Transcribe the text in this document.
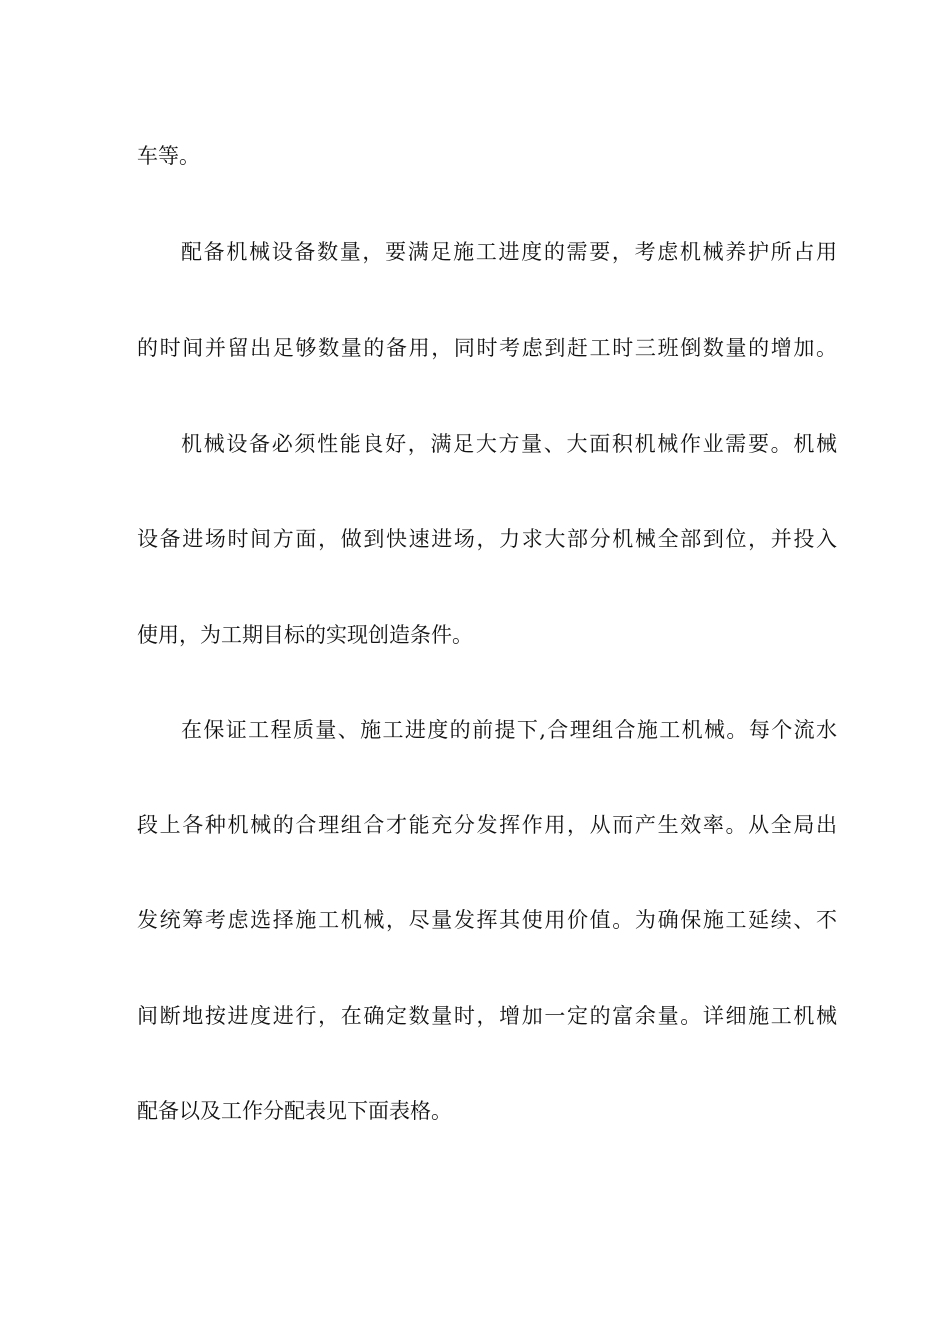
车等。
配备机械设备数量，要满足施工进度的需要，考虑机械养护所占用
的时间并留出足够数量的备用，同时考虑到赶工时三班倒数量的增加。
机械设备必须性能良好，满足大方量、大面积机械作业需要。机械
设备进场时间方面，做到快速进场，力求大部分机械全部到位，并投入
使用，为工期目标的实现创造条件。
在保证工程质量、施工进度的前提下,合理组合施工机械。每个流水
段上各种机械的合理组合才能充分发挥作用，从而产生效率。从全局出
发统筹考虑选择施工机械，尽量发挥其使用价值。为确保施工延续、不
间断地按进度进行，在确定数量时，增加一定的富余量。详细施工机械
配备以及工作分配表见下面表格。
